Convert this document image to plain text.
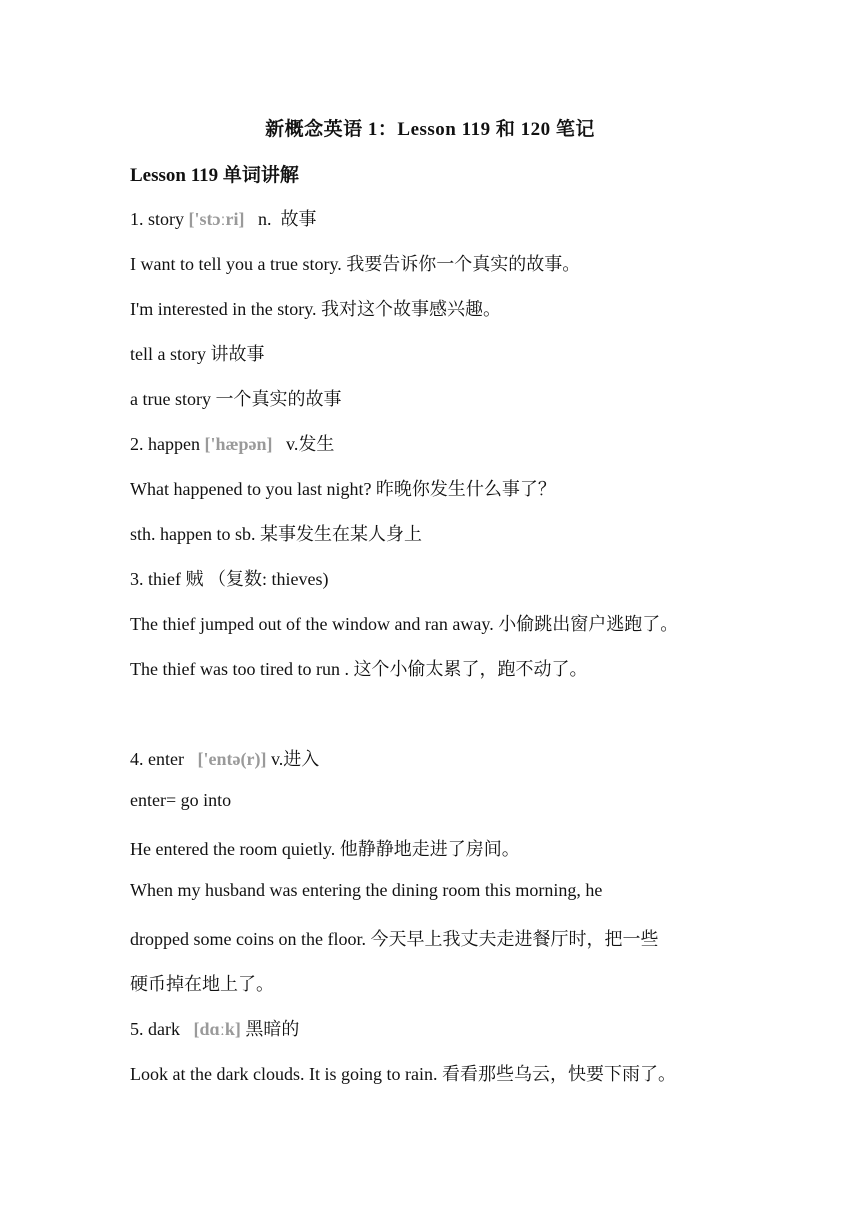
新概念英语 1：Lesson 119 和 120 笔记
Lesson 119 单词讲解
1. story ['stɔːri]   n.  故事
I want to tell you a true story. 我要告诉你一个真实的故事。
I'm interested in the story. 我对这个故事感兴趣。
tell a story 讲故事
a true story 一个真实的故事
2. happen ['hæpən]   v.发生
What happened to you last night? 昨晚你发生什么事了？
sth. happen to sb. 某事发生在某人身上
3. thief 贼 （复数: thieves)
The thief jumped out of the window and ran away. 小偷跳出窗户逃跑了。
The thief was too tired to run . 这个小偷太累了，跑不动了。
4. enter   ['entə(r)] v.进入
enter= go into
He entered the room quietly. 他静静地走进了房间。
When my husband was entering the dining room this morning, he
dropped some coins on the floor. 今天早上我丈夫走进餐厅时，把一些
硬币掉在地上了。
5. dark   [dɑːk] 黑暗的
Look at the dark clouds. It is going to rain. 看看那些乌云，快要下雨了。
